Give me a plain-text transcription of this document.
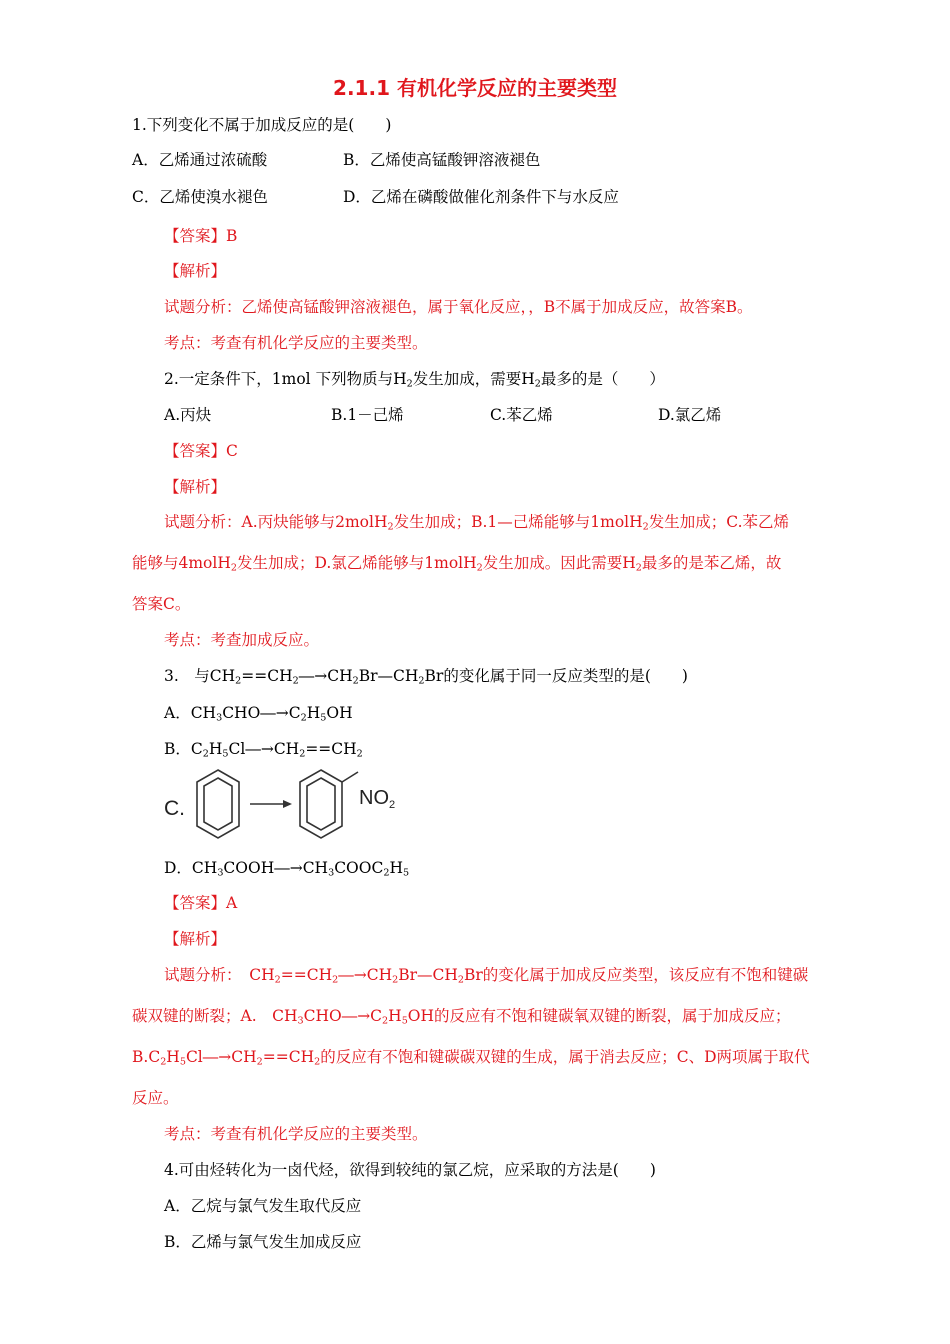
2.1.1 有机化学反应的主要类型
1.下列变化不属于加成反应的是(　　)
A．乙烯通过浓硫酸	B．乙烯使高锰酸钾溶液褪色
C．乙烯使溴水褪色	D．乙烯在磷酸做催化剂条件下与水反应
【答案】B
【解析】
试题分析：乙烯使高锰酸钾溶液褪色，属于氧化反应，，B不属于加成反应，故答案B。
考点：考查有机化学反应的主要类型。
2.一定条件下，1mol 下列物质与$H_2$发生加成，需要$H_2$最多的是（　　）
A.丙炔	B.1－己烯	C.苯乙烯	D.氯乙烯
【答案】C
【解析】
试题分析：A.丙炔能够与2molH$_2$发生加成；B.1—己烯能够与1molH$_2$发生加成；C.苯乙烯
能够与4molH$_2$发生加成；D.氯乙烯能够与1molH$_2$发生加成。因此需要$H_2$最多的是苯乙烯，故
答案C。
考点：考查加成反应。
3.　与$CH_2==CH_2―\to CH_2Br—CH_2Br$的变化属于同一反应类型的是(　　)
A．$CH_3CHO―\to C_2H_5OH$
B．$C_2H_5Cl―\to CH_2==CH_2$
C.	$NO_2$
D．$CH_3COOH―\to CH_3COOC_2H_5$
【答案】A
【解析】
试题分析：　$CH_2==CH_2―\to CH_2Br—CH_2Br$的变化属于加成反应类型，该反应有不饱和键碳
碳双键的断裂；A.　$CH_3CHO―\to C_2H_5OH$的反应有不饱和键碳氧双键的断裂，属于加成反应；
$B.C_2H_5Cl―\to CH_2==CH_2$的反应有不饱和键碳碳双键的生成，属于消去反应；C、D两项属于取代
反应。
考点：考查有机化学反应的主要类型。
4.可由烃转化为一卤代烃，欲得到较纯的氯乙烷，应采取的方法是(　　)
A．乙烷与氯气发生取代反应
B．乙烯与氯气发生加成反应
